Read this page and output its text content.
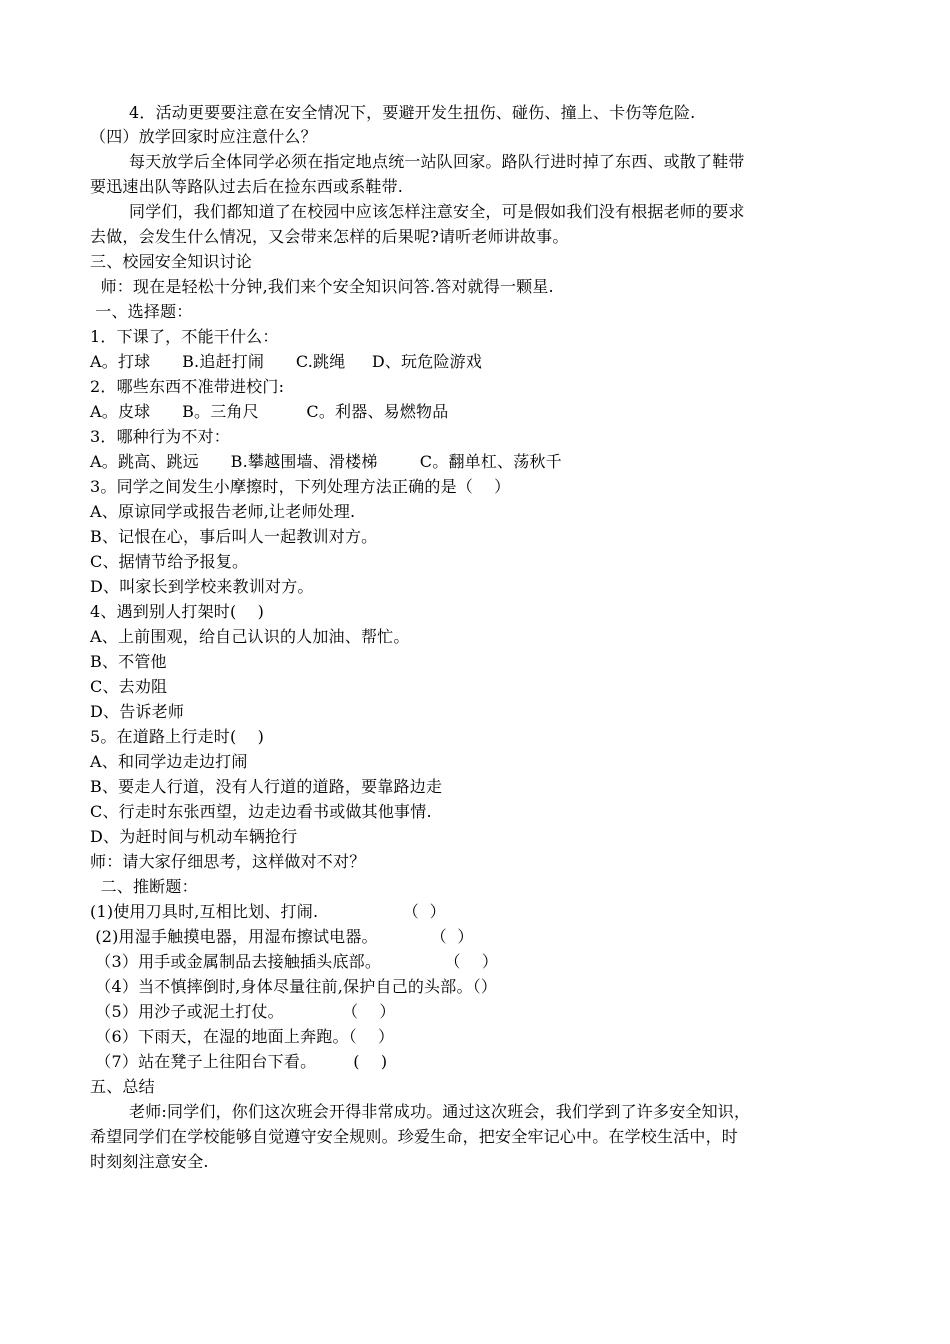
4．活动更要要注意在安全情况下，要避开发生扭伤、碰伤、撞上、卡伤等危险.
（四）放学回家时应注意什么？
每天放学后全体同学必须在指定地点统一站队回家。路队行进时掉了东西、或散了鞋带
要迅速出队等路队过去后在捡东西或系鞋带.
同学们，我们都知道了在校园中应该怎样注意安全，可是假如我们没有根据老师的要求
去做，会发生什么情况，又会带来怎样的后果呢?请听老师讲故事。
三、校园安全知识讨论
师：现在是轻松十分钟,我们来个安全知识问答.答对就得一颗星.
一、选择题：
1．下课了，不能干什么：
A。打球      B.追赶打闹      C.跳绳     D、玩危险游戏
2．哪些东西不准带进校门:
A。皮球      B。三角尺         C。利器、易燃物品
3．哪种行为不对：
A。跳高、跳远      B.攀越围墙、滑楼梯        C。翻单杠、荡秋千
3。同学之间发生小摩擦时，下列处理方法正确的是（    ）
A、原谅同学或报告老师,让老师处理.
B、记恨在心，事后叫人一起教训对方。
C、据情节给予报复。
D、叫家长到学校来教训对方。
4、遇到别人打架时(    )
A、上前围观，给自己认识的人加油、帮忙。
B、不管他
C、去劝阻
D、告诉老师
5。在道路上行走时(    )
A、和同学边走边打闹
B、要走人行道，没有人行道的道路，要靠路边走
C、行走时东张西望，边走边看书或做其他事情.
D、为赶时间与机动车辆抢行
师：请大家仔细思考，这样做对不对？
二、推断题：
(1)使用刀具时,互相比划、打闹.                （  ）
(2)用湿手触摸电器，用湿布擦试电器。          （  ）
（3）用手或金属制品去接触插头底部。            （    ）
（4）当不慎摔倒时,身体尽量往前,保护自己的头部。（）
（5）用沙子或泥土打仗。           （    ）
（6）下雨天，在湿的地面上奔跑。（    ）
（7）站在凳子上往阳台下看。       (    )
五、总结
老师:同学们，你们这次班会开得非常成功。通过这次班会，我们学到了许多安全知识，
希望同学们在学校能够自觉遵守安全规则。珍爱生命，把安全牢记心中。在学校生活中，时
时刻刻注意安全.
